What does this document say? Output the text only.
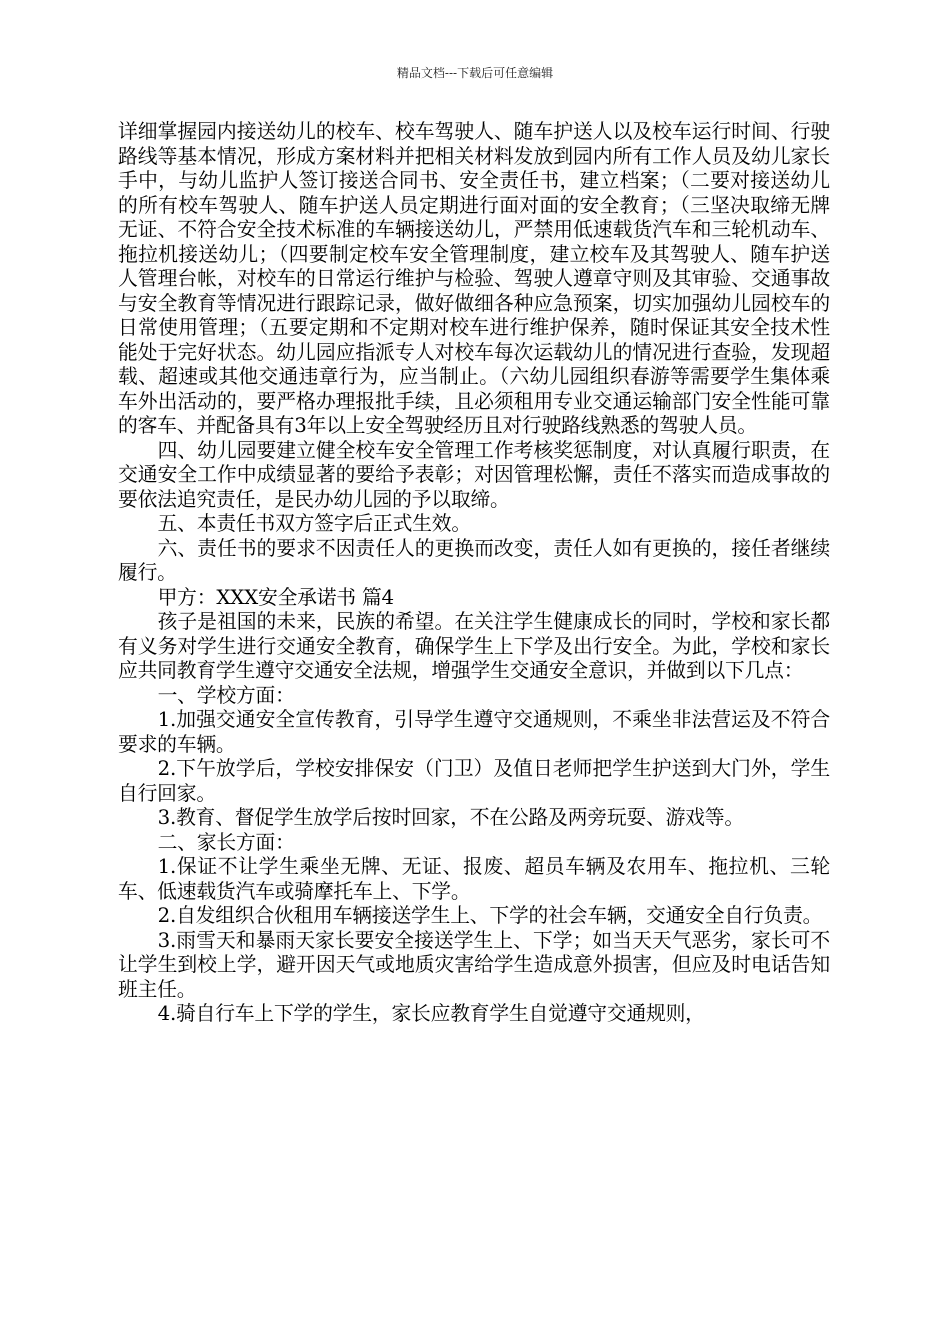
精品文档---下载后可任意编辑

详细掌握园内接送幼儿的校车、校车驾驶人、随车护送人以及校车运行时间、行驶路线等基本情况，形成方案材料并把相关材料发放到园内所有工作人员及幼儿家长手中，与幼儿监护人签订接送合同书、安全责任书，建立档案；（二要对接送幼儿的所有校车驾驶人、随车护送人员定期进行面对面的安全教育；（三坚决取缔无牌无证、不符合安全技术标准的车辆接送幼儿，严禁用低速载货汽车和三轮机动车、拖拉机接送幼儿；（四要制定校车安全管理制度，建立校车及其驾驶人、随车护送人管理台帐，对校车的日常运行维护与检验、驾驶人遵章守则及其审验、交通事故与安全教育等情况进行跟踪记录，做好做细各种应急预案，切实加强幼儿园校车的日常使用管理；（五要定期和不定期对校车进行维护保养，随时保证其安全技术性能处于完好状态。幼儿园应指派专人对校车每次运载幼儿的情况进行查验，发现超载、超速或其他交通违章行为，应当制止。（六幼儿园组织春游等需要学生集体乘车外出活动的，要严格办理报批手续，且必须租用专业交通运输部门安全性能可靠的客车、并配备具有3年以上安全驾驶经历且对行驶路线熟悉的驾驶人员。

四、幼儿园要建立健全校车安全管理工作考核奖惩制度，对认真履行职责，在交通安全工作中成绩显著的要给予表彰；对因管理松懈，责任不落实而造成事故的要依法追究责任，是民办幼儿园的予以取缔。

五、本责任书双方签字后正式生效。

六、责任书的要求不因责任人的更换而改变，责任人如有更换的，接任者继续履行。

甲方：XXX安全承诺书 篇4

孩子是祖国的未来，民族的希望。在关注学生健康成长的同时，学校和家长都有义务对学生进行交通安全教育，确保学生上下学及出行安全。为此，学校和家长应共同教育学生遵守交通安全法规，增强学生交通安全意识，并做到以下几点：

一、学校方面：

1.加强交通安全宣传教育，引导学生遵守交通规则，不乘坐非法营运及不符合要求的车辆。

2.下午放学后，学校安排保安（门卫）及值日老师把学生护送到大门外，学生自行回家。

3.教育、督促学生放学后按时回家，不在公路及两旁玩耍、游戏等。

二、家长方面：

1.保证不让学生乘坐无牌、无证、报废、超员车辆及农用车、拖拉机、三轮车、低速载货汽车或骑摩托车上、下学。

2.自发组织合伙租用车辆接送学生上、下学的社会车辆，交通安全自行负责。

3.雨雪天和暴雨天家长要安全接送学生上、下学；如当天天气恶劣，家长可不让学生到校上学，避开因天气或地质灾害给学生造成意外损害，但应及时电话告知班主任。

4.骑自行车上下学的学生，家长应教育学生自觉遵守交通规则，
